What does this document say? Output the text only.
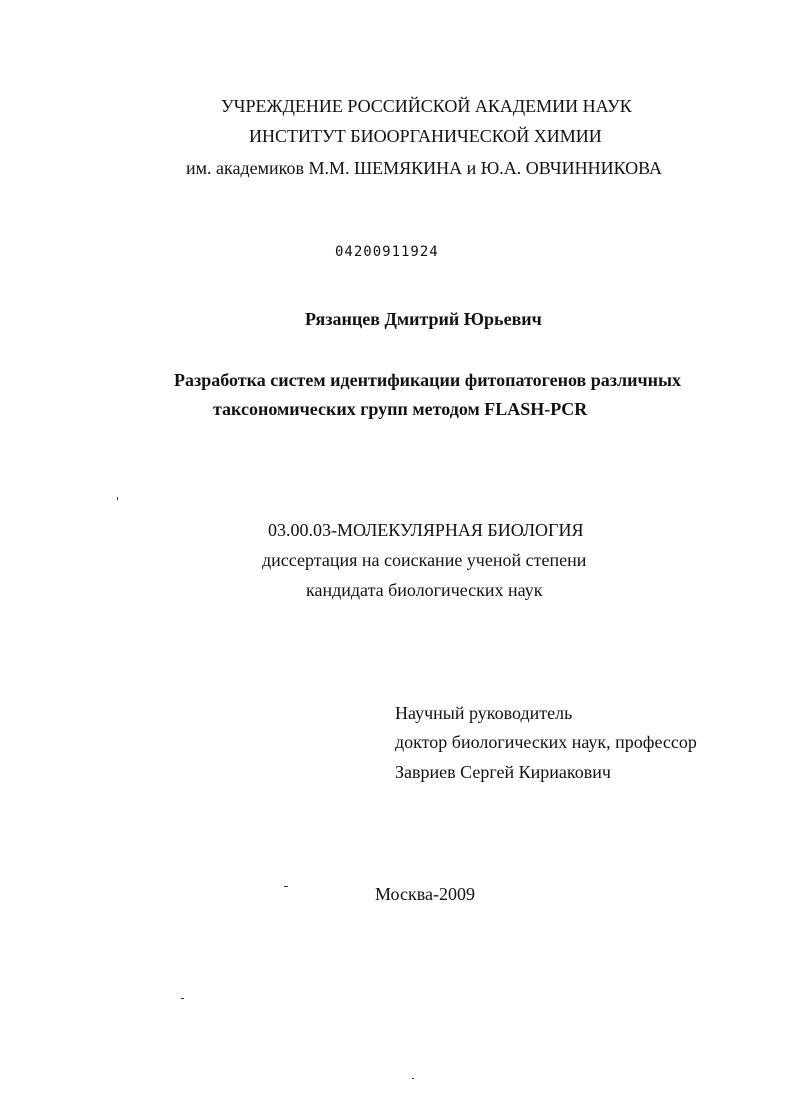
УЧРЕЖДЕНИЕ РОССИЙСКОЙ АКАДЕМИИ НАУК
ИНСТИТУТ БИООРГАНИЧЕСКОЙ ХИМИИ
им. академиков М.М. ШЕМЯКИНА и Ю.А. ОВЧИННИКОВА
04200911924
Рязанцев Дмитрий Юрьевич
Разработка систем идентификации фитопатогенов различных
таксономических групп методом FLASH-PCR
03.00.03-МОЛЕКУЛЯРНАЯ БИОЛОГИЯ
диссертация на соискание ученой степени
кандидата биологических наук
Научный руководитель
доктор биологических наук, профессор
Завриев Сергей Кириакович
Москва-2009
